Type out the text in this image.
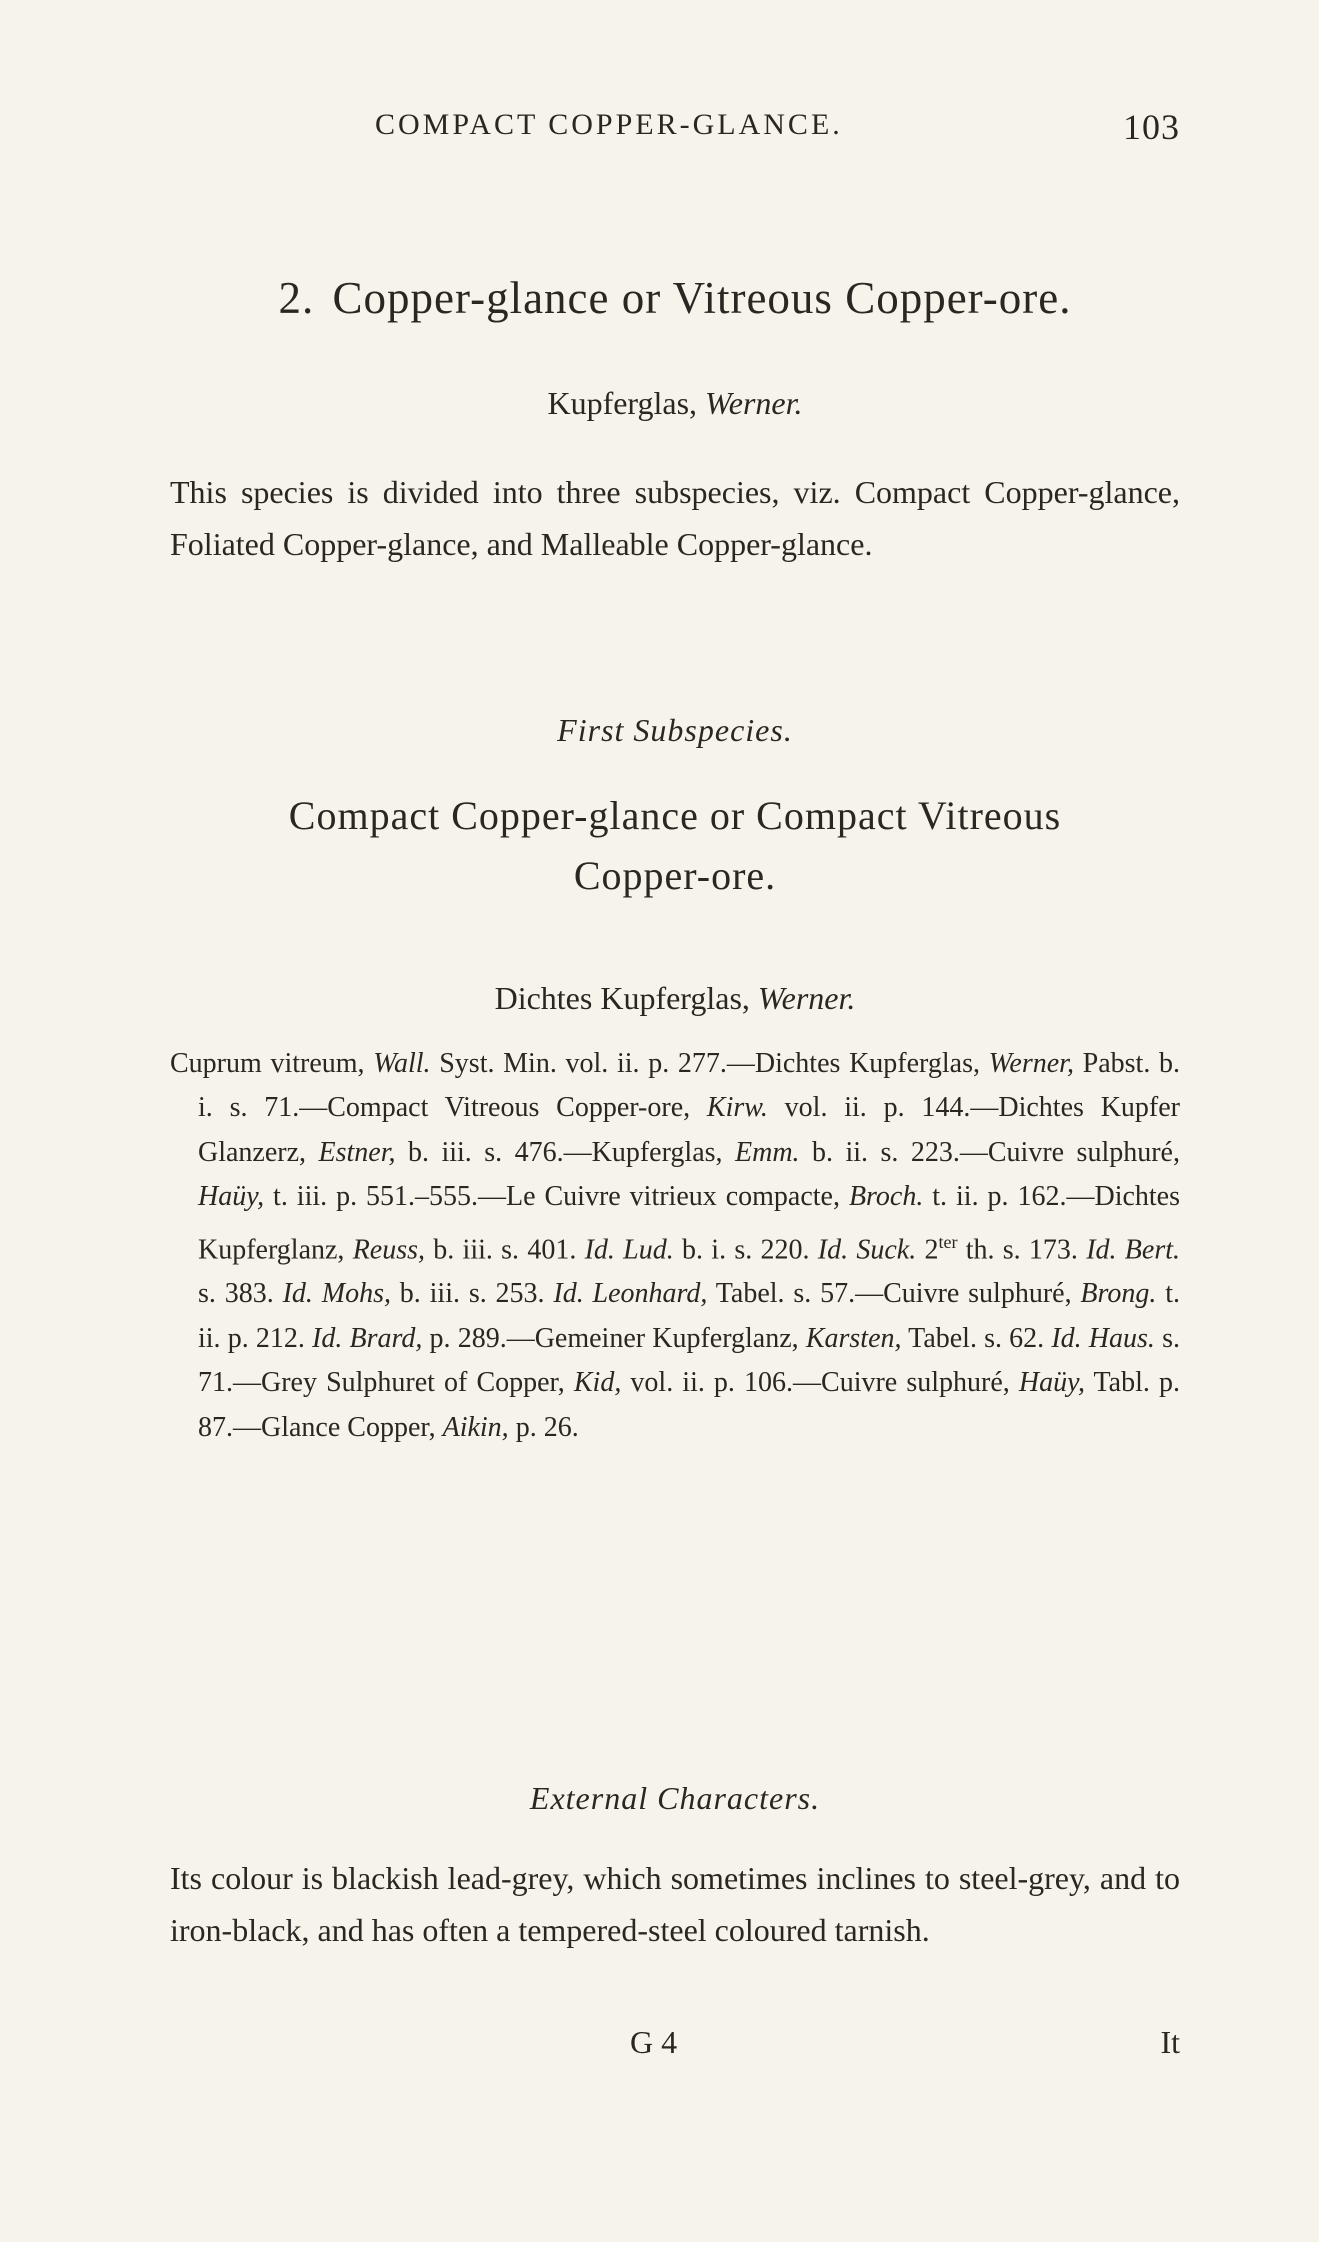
COMPACT COPPER-GLANCE.	103
2. Copper-glance or Vitreous Copper-ore.
Kupferglas, Werner.
This species is divided into three subspecies, viz. Compact Copper-glance, Foliated Copper-glance, and Malleable Copper-glance.
First Subspecies.
Compact Copper-glance or Compact Vitreous
Copper-ore.
Dichtes Kupferglas, Werner.

Cuprum vitreum, Wall. Syst. Min. vol. ii. p. 277.—Dichtes Kupferglas, Werner, Pabst. b. i. s. 71.—Compact Vitreous Copper-ore, Kirw. vol. ii. p. 144.—Dichtes Kupfer Glanzerz, Estner, b. iii. s. 476.—Kupferglas, Emm. b. ii. s. 223.—Cuivre sulphuré, Haüy, t. iii. p. 551.–555.—Le Cuivre vitrieux compacte, Broch. t. ii. p. 162.—Dichtes Kupferglanz, Reuss, b. iii. s. 401. Id. Lud. b. i. s. 220. Id. Suck. $2^{ter}$ th. s. 173. Id. Bert. s. 383. Id. Mohs, b. iii. s. 253. Id. Leonhard, Tabel. s. 57.—Cuivre sulphuré, Brong. t. ii. p. 212. Id. Brard, p. 289.—Gemeiner Kupferglanz, Karsten, Tabel. s. 62. Id. Haus. s. 71.—Grey Sulphuret of Copper, Kid, vol. ii. p. 106.—Cuivre sulphuré, Haüy, Tabl. p. 87.—Glance Copper, Aikin, p. 26.

External Characters.
Its colour is blackish lead-grey, which sometimes inclines to steel-grey, and to iron-black, and has often a tempered-steel coloured tarnish.
G 4	It
